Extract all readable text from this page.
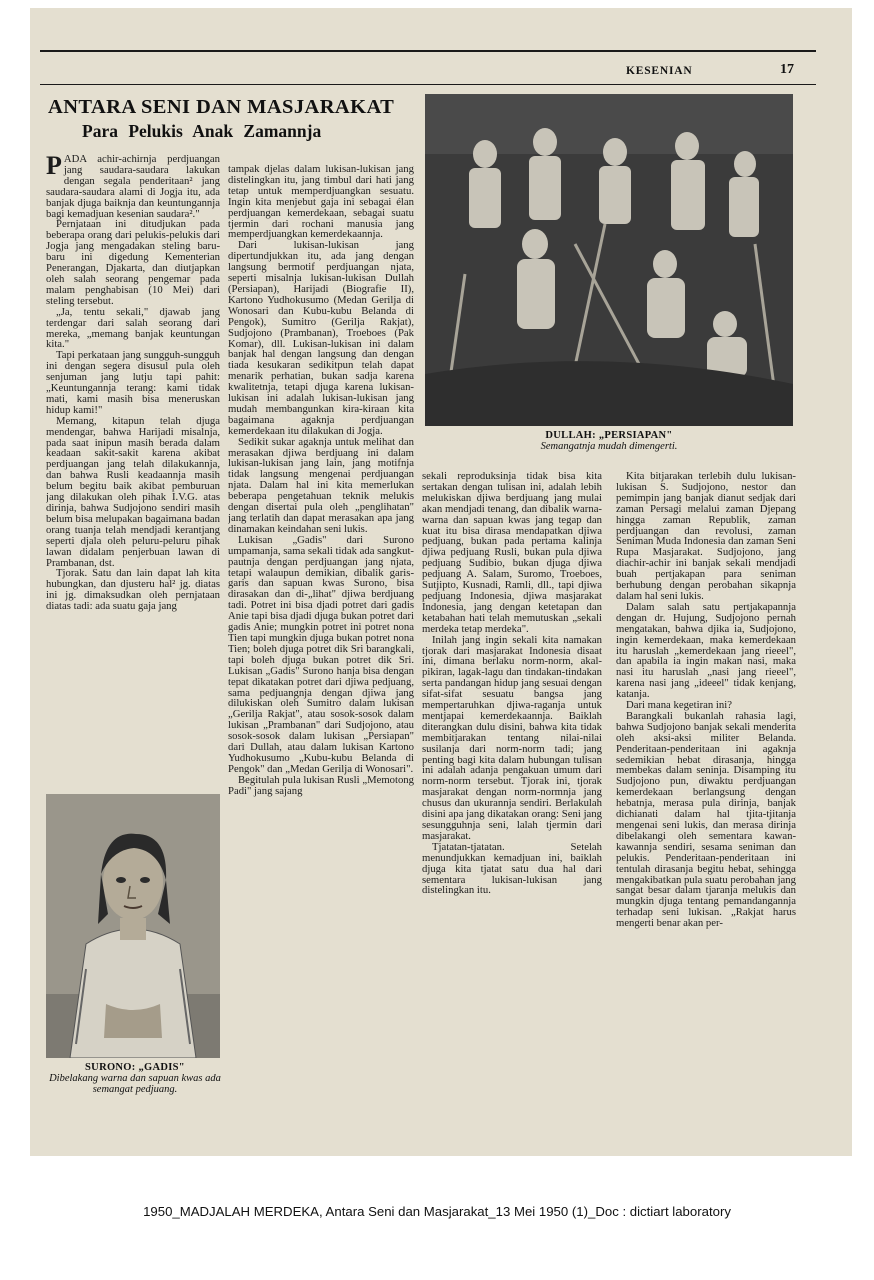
KESENIAN	17
ANTARA SENI DAN MASJARAKAT
Para Pelukis Anak Zamannja

PADA achir-achirnja perdjuangan jang saudara-saudara lakukan dengan segala penderitaan² jang saudara-saudara alami di Jogja itu, ada banjak djuga baiknja dan keuntungannja bagi kemadjuan kesenian saudara²."

Pernjataan ini ditudjukan pada beberapa orang dari pelukis-pelukis dari Jogja jang mengadakan steling baru-baru ini digedung Kementerian Penerangan, Djakarta, dan diutjapkan oleh salah seorang pengemar pada malam penghabisan (10 Mei) dari steling tersebut.

„Ja, tentu sekali," djawab jang terdengar dari salah seorang dari mereka, „memang banjak keuntungan kita."

Tapi perkataan jang sungguh-sungguh ini dengan segera disusul pula oleh senjuman jang lutju tapi pahit: „Keuntungannja terang: kami tidak mati, kami masih bisa meneruskan hidup kami!"

Memang, kitapun telah djuga mendengar, bahwa Harijadi misalnja, pada saat inipun masih berada dalam keadaan sakit-sakit karena akibat perdjuangan jang telah dilakukannja, dan bahwa Rusli keadaannja masih belum begitu baik akibat pemburuan jang dilakukan oleh pihak I.V.G. atas dirinja, bahwa Sudjojono sendiri masih belum bisa melupakan bagaimana badan orang tuanja telah mendjadi kerantjang seperti djala oleh peluru-peluru pihak lawan didalam penjerbuan lawan di Prambanan, dst.

Tjorak. Satu dan lain dapat lah kita hubungkan, dan djusteru hal² jg. diatas ini jg. dimaksudkan oleh pernjataan diatas tadi: ada suatu gaja jang

SURONO: „GADIS"
Dibelakang warna dan sapuan kwas ada semangat pedjuang.

tampak djelas dalam lukisan-lukisan jang distelingkan itu, jang timbul dari hati jang tetap untuk memperdjuangkan sesuatu. Ingin kita menjebut gaja ini sebagai élan perdjuangan kemerdekaan, sebagai suatu tjermin dari rochani manusia jang memperdjuangkan kemerdekaannja.

Dari lukisan-lukisan jang dipertundjukkan itu, ada jang dengan langsung bermotif perdjuangan njata, seperti misalnja lukisan-lukisan Dullah (Persiapan), Harijadi (Biografie II), Kartono Yudhokusumo (Medan Gerilja di Wonosari dan Kubu-kubu Belanda di Pengok), Sumitro (Gerilja Rakjat), Sudjojono (Prambanan), Troeboes (Pak Komar), dll. Lukisan-lukisan ini dalam banjak hal dengan langsung dan dengan tiada kesukaran sedikitpun telah dapat menarik perhatian, bukan sadja karena kwalitetnja, tetapi djuga karena lukisan-lukisan ini adalah lukisan-lukisan jang mudah membangunkan kira-kiraan kita bagaimana agaknja perdjuangan kemerdekaan itu dilakukan di Jogja.

Sedikit sukar agaknja untuk melihat dan merasakan djiwa berdjuang ini dalam lukisan-lukisan jang lain, jang motifnja tidak langsung mengenai perdjuangan njata. Dalam hal ini kita memerlukan beberapa pengetahuan teknik melukis dengan disertai pula oleh „penglihatan" jang terlatih dan dapat merasakan apa jang dinamakan keindahan seni lukis.

Lukisan „Gadis" dari Surono umpamanja, sama sekali tidak ada sangkut-pautnja dengan perdjuangan jang njata, tetapi walaupun demikian, dibalik garis-garis dan sapuan kwas Surono, bisa dirasakan dan di-„lihat" djiwa berdjuang tadi. Potret ini bisa djadi potret dari gadis Anie tapi bisa djadi djuga bukan potret dari gadis Anie; mungkin potret ini potret nona Tien tapi mungkin djuga bukan potret nona Tien; boleh djuga potret dik Sri barangkali, tapi boleh djuga bukan potret dik Sri. Lukisan „Gadis" Surono hanja bisa dengan tepat dikatakan potret dari djiwa pedjuang, sama pedjuangnja dengan djiwa jang dilukiskan oleh Sumitro dalam lukisan „Gerilja Rakjat", atau sosok-sosok dalam lukisan „Prambanan" dari Sudjojono, atau sosok-sosok dalam lukisan „Persiapan" dari Dullah, atau dalam lukisan Kartono Yudhokusumo „Kubu-kubu Belanda di Pengok" dan „Medan Gerilja di Wonosari".

Begitulah pula lukisan Rusli „Memotong Padi" jang sajang

DULLAH: „PERSIAPAN"
Semangatnja mudah dimengerti.

sekali reproduksinja tidak bisa kita sertakan dengan tulisan ini, adalah lebih melukiskan djiwa berdjuang jang mulai akan mendjadi tenang, dan dibalik warna-warna dan sapuan kwas jang tegap dan kuat itu bisa dirasa mendapatkan djiwa pedjuang, bukan pada pertama kalinja djiwa pedjuang Rusli, bukan pula djiwa pedjuang Sudibio, bukan djuga djiwa pedjuang A. Salam, Suromo, Troeboes, Sutjipto, Kusnadi, Ramli, dll., tapi djiwa pedjuang Indonesia, djiwa masjarakat Indonesia, jang dengan ketetapan dan ketabahan hati telah memutuskan „sekali merdeka tetap merdeka".

Inilah jang ingin sekali kita namakan tjorak dari masjarakat Indonesia disaat ini, dimana berlaku norm-norm, akal-pikiran, lagak-lagu dan tindakan-tindakan serta pandangan hidup jang sesuai dengan sifat-sifat sesuatu bangsa jang mempertaruhkan djiwa-raganja untuk mentjapai kemerdekaannja. Baiklah diterangkan dulu disini, bahwa kita tidak membitjarakan tentang nilai-nilai susilanja dari norm-norm tadi; jang penting bagi kita dalam hubungan tulisan ini adalah adanja pengakuan umum dari norm-norm tersebut. Tjorak ini, tjorak masjarakat dengan norm-normnja jang chusus dan ukurannja sendiri. Berlakulah disini apa jang dikatakan orang: Seni jang sesungguhnja seni, lalah tjermin dari masjarakat.

Tjatatan-tjatatan. Setelah menundjukkan kemadjuan ini, baiklah djuga kita tjatat satu dua hal dari sementara lukisan-lukisan jang distelingkan itu.

Kita bitjarakan terlebih dulu lukisan-lukisan S. Sudjojono, nestor dan pemimpin jang banjak dianut sedjak dari zaman Persagi melalui zaman Djepang hingga zaman Republik, zaman perdjuangan dan revolusi, zaman Seniman Muda Indonesia dan zaman Seni Rupa Masjarakat. Sudjojono, jang diachir-achir ini banjak sekali mendjadi buah pertjakapan para seniman berhubung dengan perobahan sikapnja dalam hal seni lukis.

Dalam salah satu pertjakapannja dengan dr. Hujung, Sudjojono pernah mengatakan, bahwa djika ia, Sudjojono, ingin kemerdekaan, maka kemerdekaan itu haruslah „kemerdekaan jang rieeel", dan apabila ia ingin makan nasi, maka nasi itu haruslah „nasi jang rieeel", karena nasi jang „ideeel" tidak kenjang, katanja.

Dari mana kegetiran ini?

Barangkali bukanlah rahasia lagi, bahwa Sudjojono banjak sekali menderita oleh aksi-aksi militer Belanda. Penderitaan-penderitaan ini agaknja sedemikian hebat dirasanja, hingga membekas dalam seninja. Disamping itu Sudjojono pun, diwaktu perdjuangan kemerdekaan berlangsung dengan hebatnja, merasa pula dirinja, banjak dichianati dalam hal tjita-tjitanja mengenai seni lukis, dan merasa dirinja dibelakangi oleh sementara kawan-kawannja sendiri, sesama seniman dan pelukis. Penderitaan-penderitaan ini tentulah dirasanja begitu hebat, sehingga mengakibatkan pula suatu perobahan jang sangat besar dalam tjaranja melukis dan mungkin djuga tentang pemandangannja terhadap seni lukisan. „Rakjat harus mengerti benar akan per-

1950_MADJALAH MERDEKA, Antara Seni dan Masjarakat_13 Mei 1950 (1)_Doc : dictiart laboratory
